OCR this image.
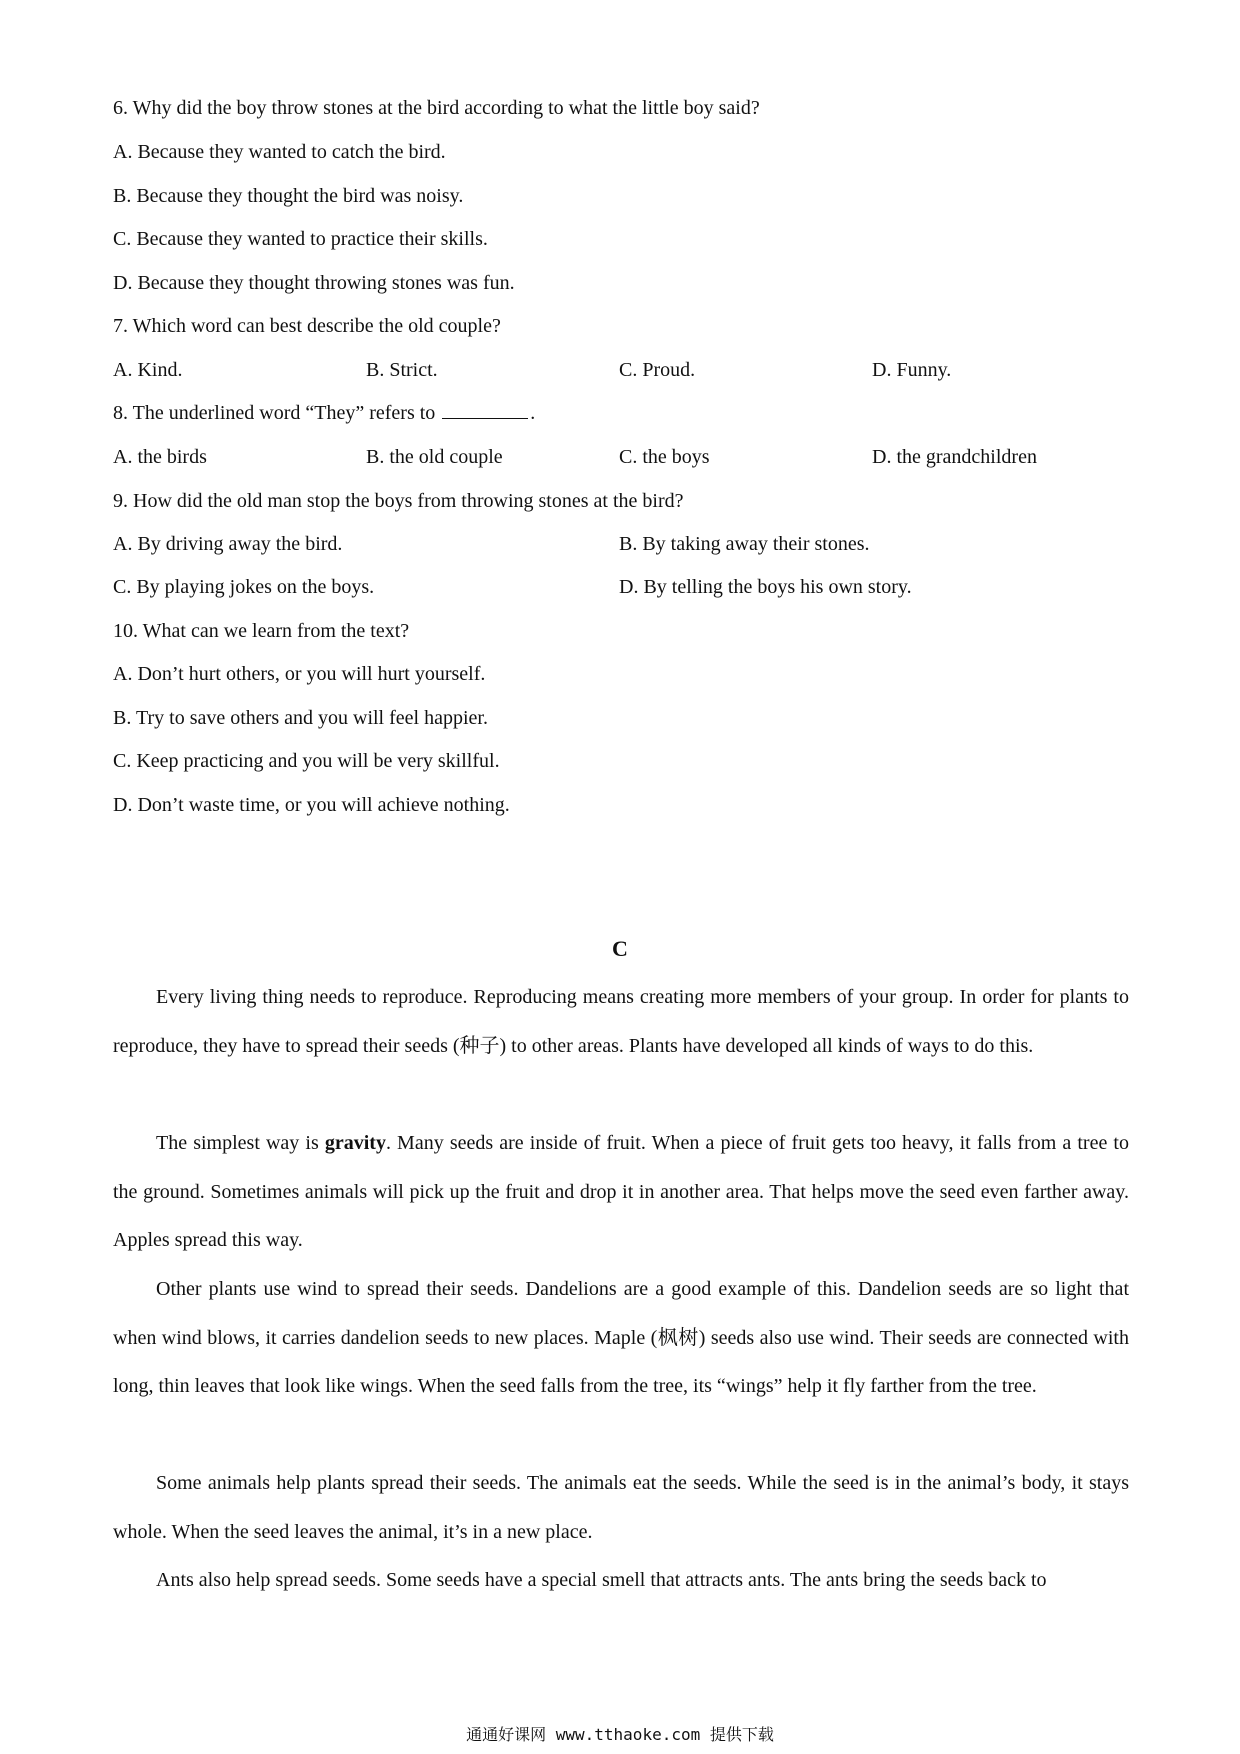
6. Why did the boy throw stones at the bird according to what the little boy said?
A. Because they wanted to catch the bird.
B. Because they thought the bird was noisy.
C. Because they wanted to practice their skills.
D. Because they thought throwing stones was fun.
7. Which word can best describe the old couple?
A. Kind.	B. Strict.	C. Proud.	D. Funny.
8. The underlined word “They” refers to	.
A. the birds	B. the old couple	C. the boys	D. the grandchildren
9. How did the old man stop the boys from throwing stones at the bird?
A. By driving away the bird.	B. By taking away their stones.
C. By playing jokes on the boys.	D. By telling the boys his own story.
10. What can we learn from the text?
A. Don’t hurt others, or you will hurt yourself.
B. Try to save others and you will feel happier.
C. Keep practicing and you will be very skillful.
D. Don’t waste time, or you will achieve nothing.
C
Every living thing needs to reproduce. Reproducing means creating more members of your group. In order for plants to reproduce, they have to spread their seeds (种子) to other areas. Plants have developed all kinds of ways to do this.
The simplest way is gravity. Many seeds are inside of fruit. When a piece of fruit gets too heavy, it falls from a tree to the ground. Sometimes animals will pick up the fruit and drop it in another area. That helps move the seed even farther away. Apples spread this way.
Other plants use wind to spread their seeds. Dandelions are a good example of this. Dandelion seeds are so light that when wind blows, it carries dandelion seeds to new places. Maple (枫树) seeds also use wind. Their seeds are connected with long, thin leaves that look like wings. When the seed falls from the tree, its “wings” help it fly farther from the tree.
Some animals help plants spread their seeds. The animals eat the seeds. While the seed is in the animal’s body, it stays whole. When the seed leaves the animal, it’s in a new place.
Ants also help spread seeds. Some seeds have a special smell that attracts ants. The ants bring the seeds back to
通通好课网 www.tthaoke.com 提供下载
